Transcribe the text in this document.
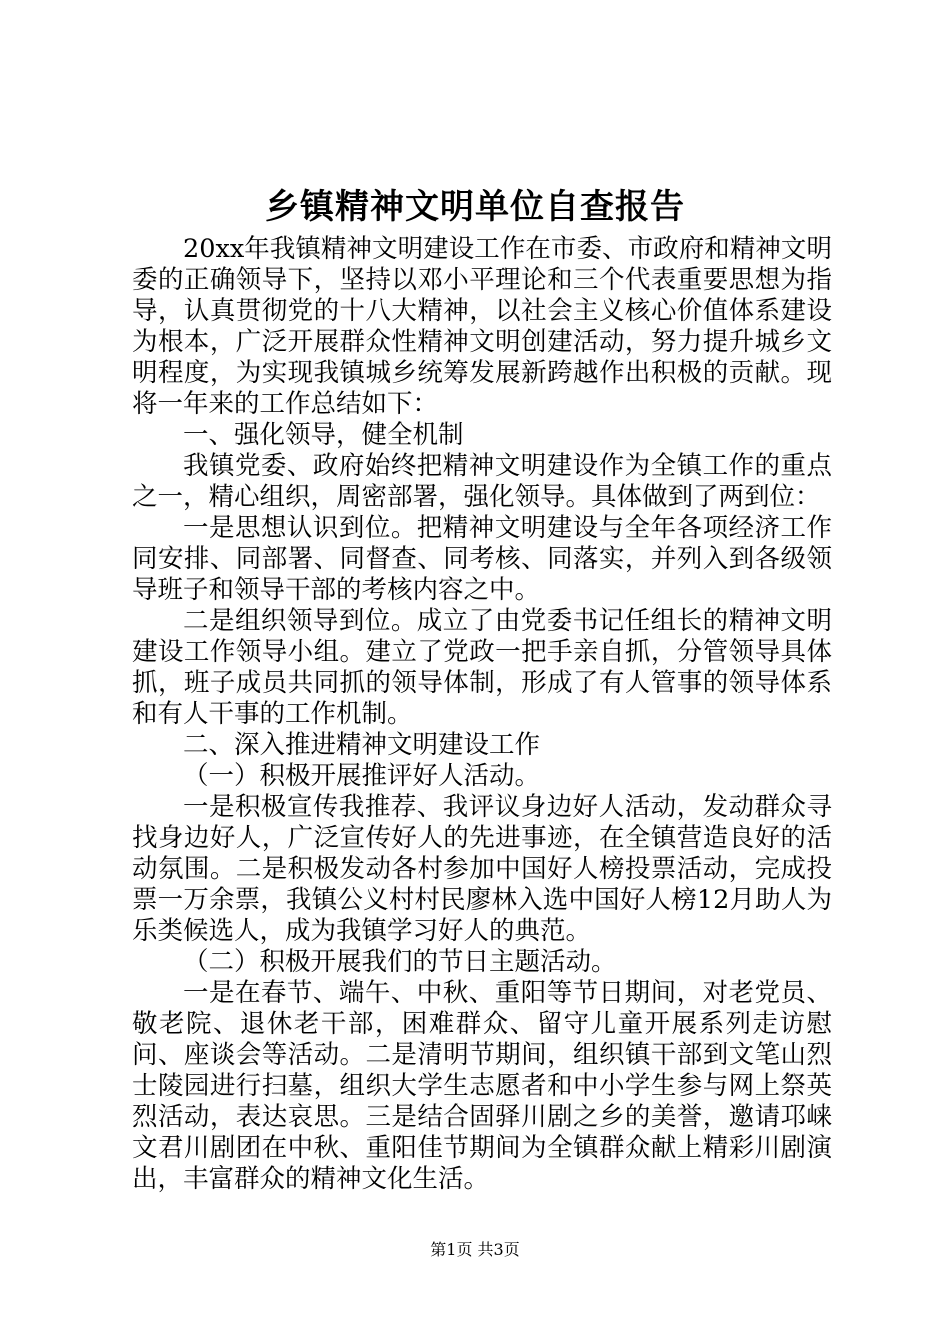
乡镇精神文明单位自查报告

20xx年我镇精神文明建设工作在市委、市政府和精神文明委的正确领导下，坚持以邓小平理论和三个代表重要思想为指导，认真贯彻党的十八大精神，以社会主义核心价值体系建设为根本，广泛开展群众性精神文明创建活动，努力提升城乡文明程度，为实现我镇城乡统筹发展新跨越作出积极的贡献。现将一年来的工作总结如下：

一、强化领导，健全机制

我镇党委、政府始终把精神文明建设作为全镇工作的重点之一，精心组织，周密部署，强化领导。具体做到了两到位：

一是思想认识到位。把精神文明建设与全年各项经济工作同安排、同部署、同督查、同考核、同落实，并列入到各级领导班子和领导干部的考核内容之中。

二是组织领导到位。成立了由党委书记任组长的精神文明建设工作领导小组。建立了党政一把手亲自抓，分管领导具体抓，班子成员共同抓的领导体制，形成了有人管事的领导体系和有人干事的工作机制。

二、深入推进精神文明建设工作

（一）积极开展推评好人活动。

一是积极宣传我推荐、我评议身边好人活动，发动群众寻找身边好人，广泛宣传好人的先进事迹，在全镇营造良好的活动氛围。二是积极发动各村参加中国好人榜投票活动，完成投票一万余票，我镇公义村村民廖林入选中国好人榜12月助人为乐类候选人，成为我镇学习好人的典范。

（二）积极开展我们的节日主题活动。

一是在春节、端午、中秋、重阳等节日期间，对老党员、敬老院、退休老干部，困难群众、留守儿童开展系列走访慰问、座谈会等活动。二是清明节期间，组织镇干部到文笔山烈士陵园进行扫墓，组织大学生志愿者和中小学生参与网上祭英烈活动，表达哀思。三是结合固驿川剧之乡的美誉，邀请邛崃文君川剧团在中秋、重阳佳节期间为全镇群众献上精彩川剧演出，丰富群众的精神文化生活。

第1页 共3页
